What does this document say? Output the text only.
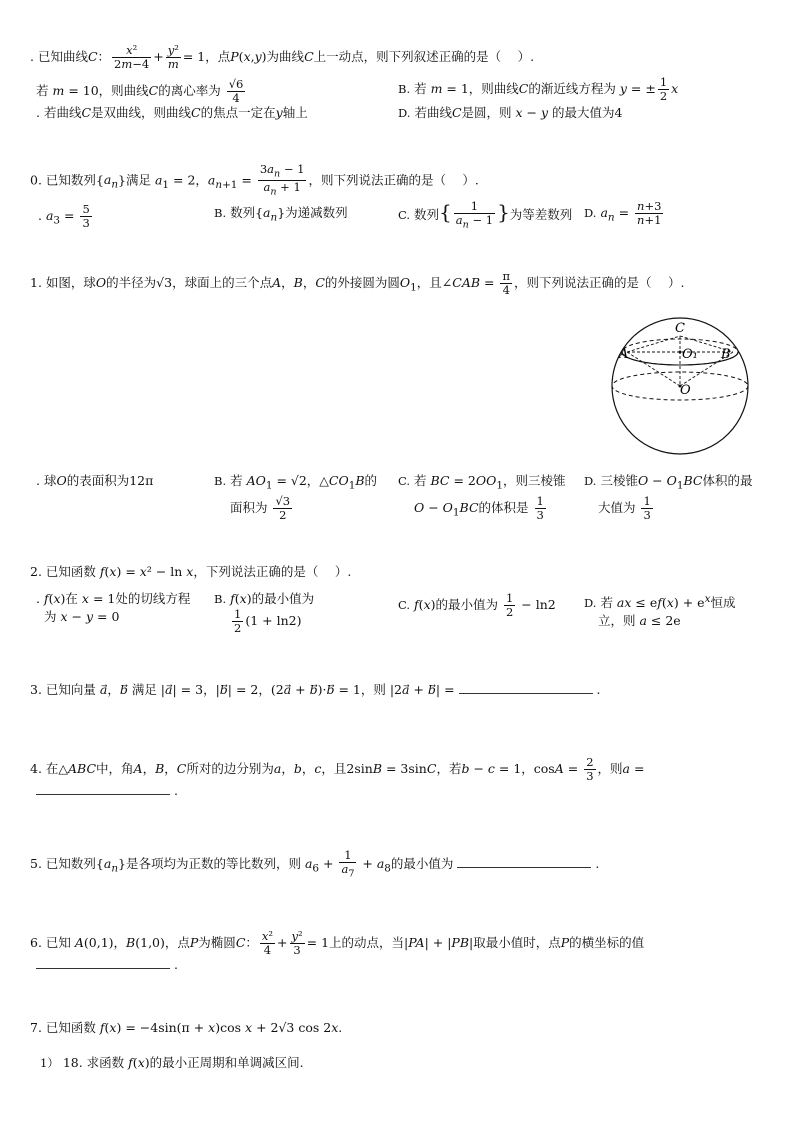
. 已知曲线C： $\frac{\text{x²}}{2m-4} + \frac{\text{y²}}{m} = 1$，点P(x,y)为曲线C上一动点，则下列叙述正确的是（　 ）.
若 m = 10，则曲线C的离心率为 $\frac{√6}{4}$	B. 若 m = 1，则曲线C的渐近线方程为 y = ± $\frac{1}{2}$ x
. 若曲线C是双曲线，则曲线C的焦点一定在y轴上	D. 若曲线C是圆，则 x − y 的最大值为4
0. 已知数列$\{a_n\}$满足 $a_1 = 2$，$a_{n+1} = \frac{3a_n - 1}{a_n + 1}$ ，则下列说法正确的是（　 ）.
. $a_3 = \frac{5}{3}$	B. 数列$\{a_n\}$为递减数列	C. 数列{ $\frac{1}{a_n - 1}$ }为等差数列 D. $a_n = \frac{n+3}{n+1}$
1. 如图，球O的半径为√3，球面上的三个点A，B，C的外接圆为圆$O_1$，且∠CAB = $\frac{\pi}{4}$ ，则下列说法正确的是（　 ）.
C
A	O₁ B
O
. 球O的表面积为12π	B. 若 $AO_1 = √2$，$\triangle CO_1B$的
面积为 $\frac{√3}{2}$
C. 若 BC = $2OO_1$，则三棱锥
$O - O_1BC$的体积是 $\frac{1}{3}$
D. 三棱锥$O - O_1BC$体积的最
大值为 $\frac{1}{3}$
2. 已知函数 f(x) = x² − ln x，下列说法正确的是（　 ）.
. f(x)在 x = 1处的切线方程
为 x − y = 0
B. f(x)的最小值为

$\frac{1}{2} (1 + \ln 2)$
C. f(x)的最小值为 $\frac{1}{2} - \ln 2$ D. 若 ax ≤ $ef(x) + e^x$恒成
立，则 a ≤ 2e
3. 已知向量 a⃗，b⃗ 满足 |a⃗| = 3，|b⃗| = 2，(2a⃗ + b⃗)·b⃗ = 1，则 |2a⃗ + b⃗| =	.
4. 在△ABC中，角A，B，C所对的边分别为a，b，c，且2sinB = 3sinC，若b − c = 1，$\cos A = \frac{2}{3}$ ，则a =
.
5. 已知数列$\{a_n\}$是各项均为正数的等比数列，则 $a_6 + \frac{1}{a_7} + a_8$的最小值为	.
6. 已知 A(0,1)，B(1,0)，点P为椭圆C： $\frac{\text{x²}}{4} + \frac{\text{y²}}{3} = 1$上的动点，当|PA| + |PB|取最小值时，点P的横坐标的值
.
7. 已知函数 f(x) = −4sin(π + x)cos x + 2√3 cos 2x.
1） 18. 求函数 f(x)的最小正周期和单调减区间.
